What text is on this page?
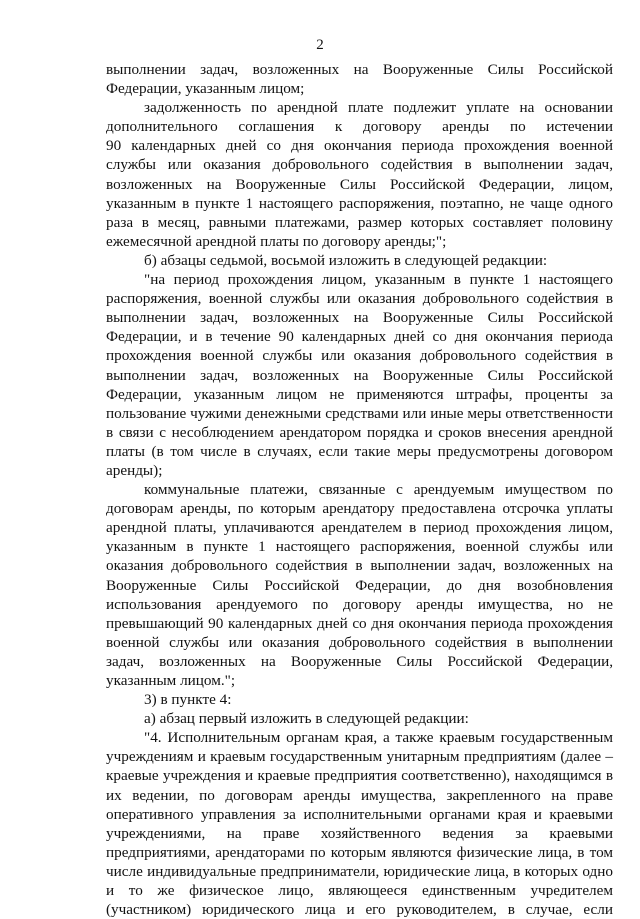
2
выполнении задач, возложенных на Вооруженные Силы Российской
Федерации, указанным лицом;
задолженность по арендной плате подлежит уплате на основании
дополнительного соглашения к договору аренды по истечении
90 календарных дней со дня окончания периода прохождения военной
службы или оказания добровольного содействия в выполнении задач,
возложенных на Вооруженные Силы Российской Федерации, лицом,
указанным в пункте 1 настоящего распоряжения, поэтапно, не чаще одного
раза в месяц, равными платежами, размер которых составляет половину
ежемесячной арендной платы по договору аренды;";
б) абзацы седьмой, восьмой изложить в следующей редакции:
"на период прохождения лицом, указанным в пункте 1 настоящего
распоряжения, военной службы или оказания добровольного содействия в
выполнении задач, возложенных на Вооруженные Силы Российской
Федерации, и в течение 90 календарных дней со дня окончания периода
прохождения военной службы или оказания добровольного содействия в
выполнении задач, возложенных на Вооруженные Силы Российской
Федерации, указанным лицом не применяются штрафы, проценты за
пользование чужими денежными средствами или иные меры ответственности
в связи с несоблюдением арендатором порядка и сроков внесения арендной
платы (в том числе в случаях, если такие меры предусмотрены договором
аренды);
коммунальные платежи, связанные с арендуемым имуществом по
договорам аренды, по которым арендатору предоставлена отсрочка уплаты
арендной платы, уплачиваются арендателем в период прохождения лицом,
указанным в пункте 1 настоящего распоряжения, военной службы или
оказания добровольного содействия в выполнении задач, возложенных на
Вооруженные Силы Российской Федерации, до дня возобновления
использования арендуемого по договору аренды имущества, но не
превышающий 90 календарных дней со дня окончания периода прохождения
военной службы или оказания добровольного содействия в выполнении
задач, возложенных на Вооруженные Силы Российской Федерации,
указанным лицом.";
3) в пункте 4:
а) абзац первый изложить в следующей редакции:
"4. Исполнительным органам края, а также краевым государственным
учреждениям и краевым государственным унитарным предприятиям (далее –
краевые учреждения и краевые предприятия соответственно), находящимся в
их ведении, по договорам аренды имущества, закрепленного на праве
оперативного управления за исполнительными органами края и краевыми
учреждениями, на праве хозяйственного ведения за краевыми
предприятиями, арендаторами по которым являются физические лица, в том
числе индивидуальные предприниматели, юридические лица, в которых одно
и то же физическое лицо, являющееся единственным учредителем
(участником) юридического лица и его руководителем, в случае, если
